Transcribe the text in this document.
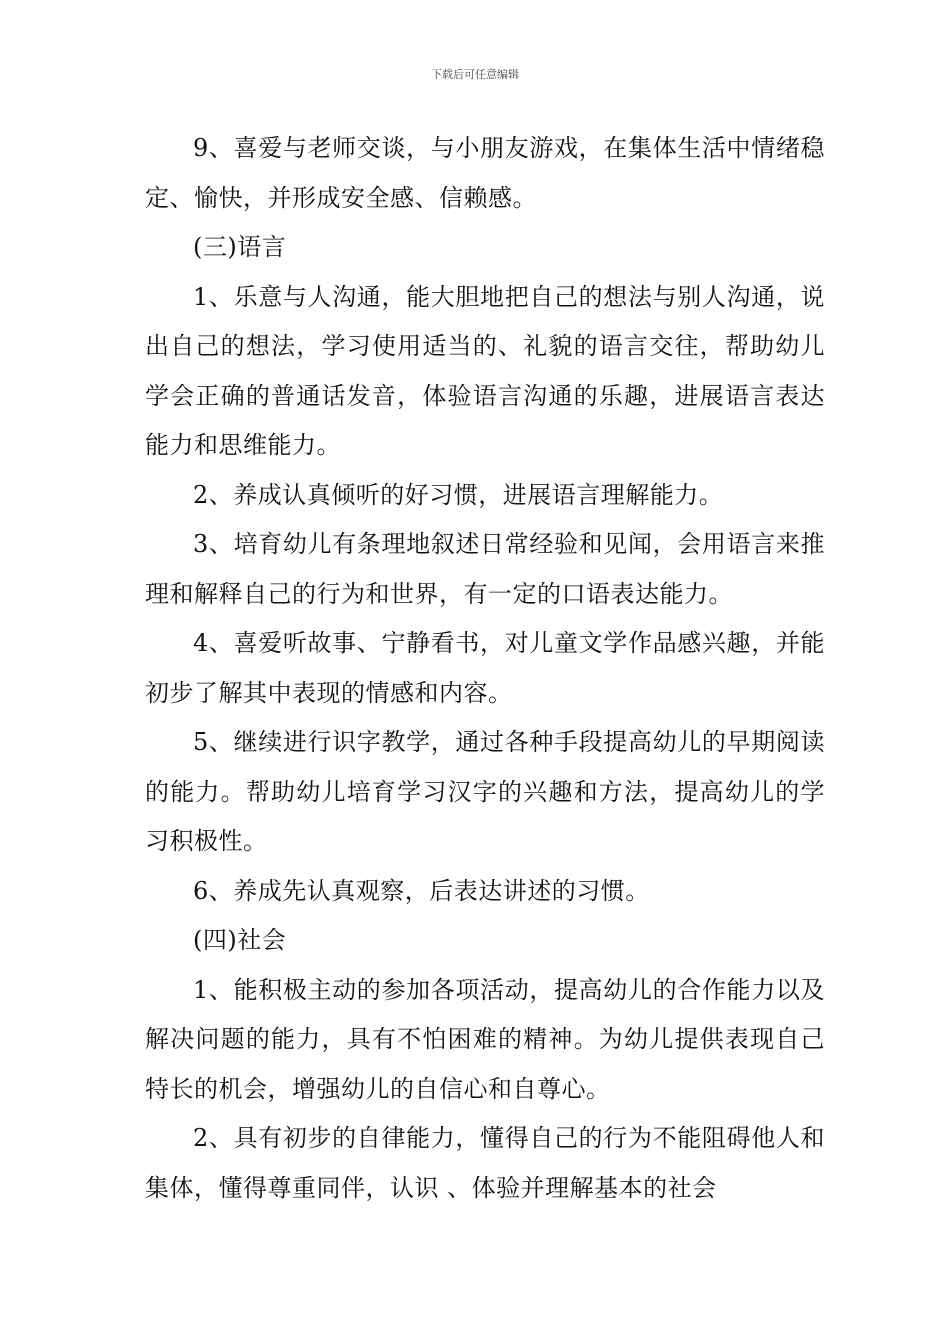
下载后可任意编辑

9、喜爱与老师交谈，与小朋友游戏，在集体生活中情绪稳定、愉快，并形成安全感、信赖感。

(三)语言

1、乐意与人沟通，能大胆地把自己的想法与别人沟通，说出自己的想法，学习使用适当的、礼貌的语言交往，帮助幼儿学会正确的普通话发音，体验语言沟通的乐趣，进展语言表达能力和思维能力。

2、养成认真倾听的好习惯，进展语言理解能力。

3、培育幼儿有条理地叙述日常经验和见闻，会用语言来推理和解释自己的行为和世界，有一定的口语表达能力。

4、喜爱听故事、宁静看书，对儿童文学作品感兴趣，并能初步了解其中表现的情感和内容。

5、继续进行识字教学，通过各种手段提高幼儿的早期阅读的能力。帮助幼儿培育学习汉字的兴趣和方法，提高幼儿的学习积极性。

6、养成先认真观察，后表达讲述的习惯。

(四)社会

1、能积极主动的参加各项活动，提高幼儿的合作能力以及解决问题的能力，具有不怕困难的精神。为幼儿提供表现自己特长的机会，增强幼儿的自信心和自尊心。

2、具有初步的自律能力，懂得自己的行为不能阻碍他人和集体，懂得尊重同伴，认识 、体验并理解基本的社会
